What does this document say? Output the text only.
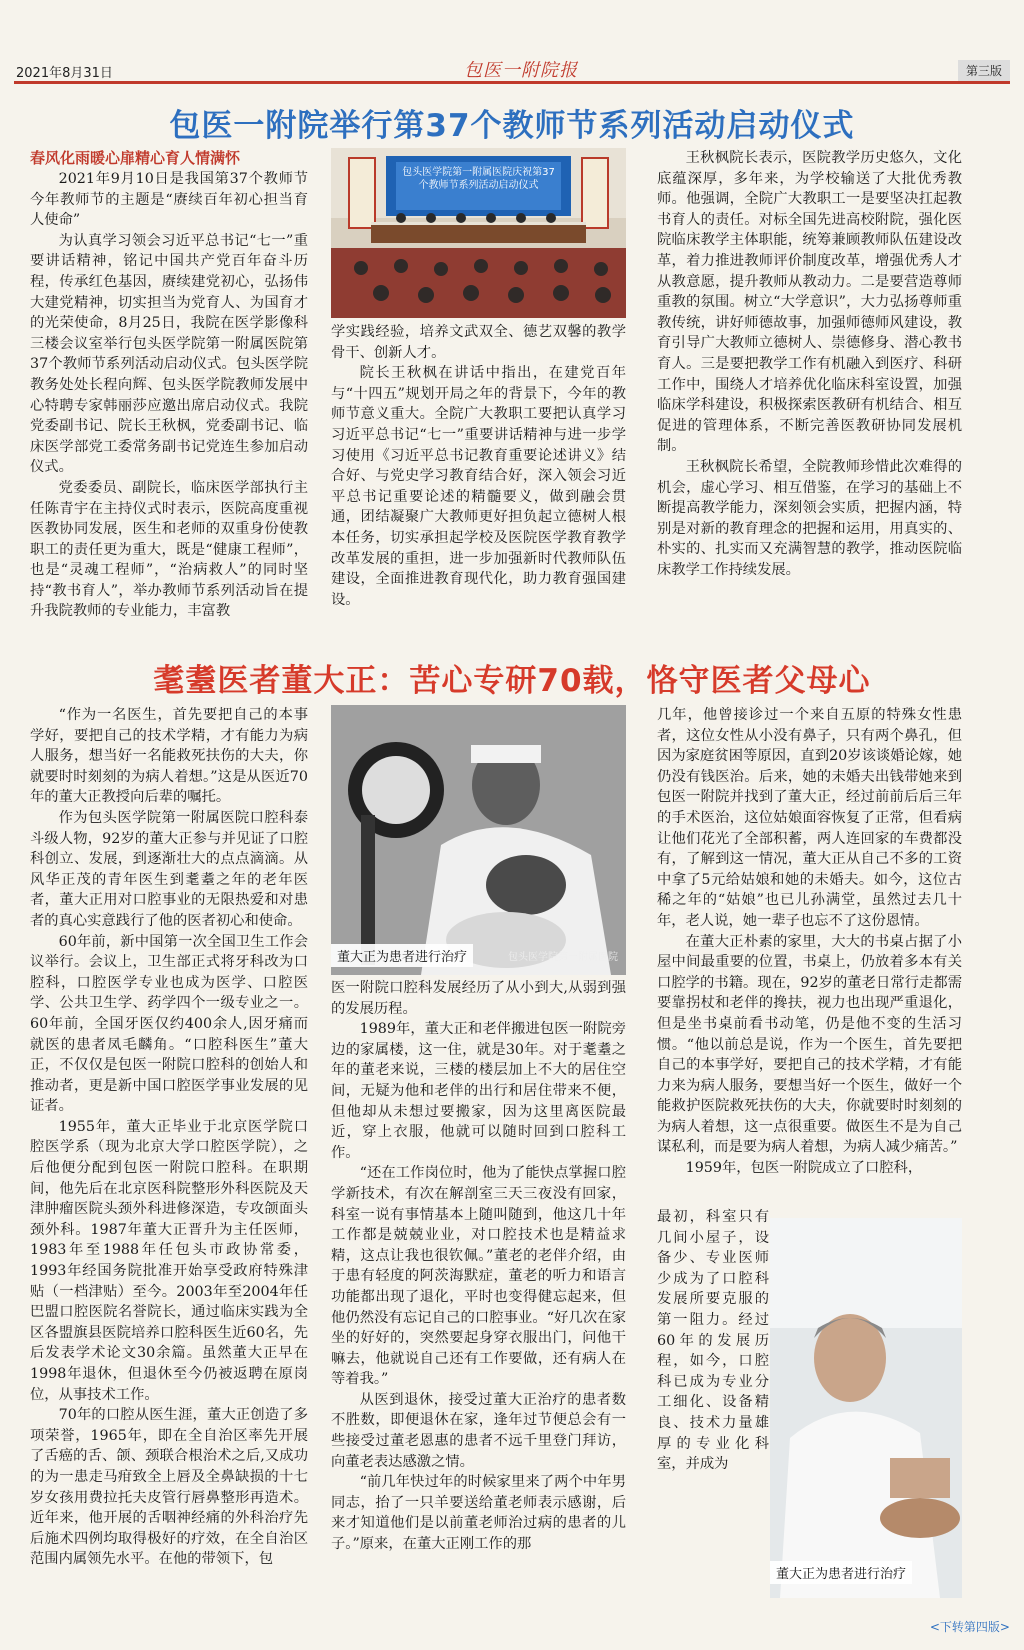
2021年8月31日	包医一附院报	第三版
包医一附院举行第37个教师节系列活动启动仪式

春风化雨暖心扉精心育人情满怀

2021年9月10日是我国第37个教师节今年教师节的主题是“赓续百年初心担当育人使命”

为认真学习领会习近平总书记“七一”重要讲话精神，铭记中国共产党百年奋斗历程，传承红色基因，赓续建党初心，弘扬伟大建党精神，切实担当为党育人、为国育才的光荣使命，8月25日，我院在医学影像科三楼会议室举行包头医学院第一附属医院第37个教师节系列活动启动仪式。包头医学院教务处处长程向辉、包头医学院教师发展中心特聘专家韩丽莎应邀出席启动仪式。我院党委副书记、院长王秋枫，党委副书记、临床医学部党工委常务副书记党连生参加启动仪式。

党委委员、副院长，临床医学部执行主任陈青宇在主持仪式时表示，医院高度重视医教协同发展，医生和老师的双重身份使教职工的责任更为重大，既是“健康工程师”，也是“灵魂工程师”，“治病救人”的同时坚持“教书育人”，举办教师节系列活动旨在提升我院教师的专业能力，丰富教

包头医学院第一附属医院庆祝第37个教师节系列活动启动仪式

学实践经验，培养文武双全、德艺双馨的教学骨干、创新人才。

院长王秋枫在讲话中指出，在建党百年与“十四五”规划开局之年的背景下，今年的教师节意义重大。全院广大教职工要把认真学习习近平总书记“七一”重要讲话精神与进一步学习使用《习近平总书记教育重要论述讲义》结合好、与党史学习教育结合好，深入领会习近平总书记重要论述的精髓要义，做到融会贯通，团结凝聚广大教师更好担负起立德树人根本任务，切实承担起学校及医院医学教育教学改革发展的重担，进一步加强新时代教师队伍建设，全面推进教育现代化，助力教育强国建设。

王秋枫院长表示，医院教学历史悠久，文化底蕴深厚，多年来，为学校输送了大批优秀教师。他强调，全院广大教职工一是要坚决扛起教书育人的责任。对标全国先进高校附院，强化医院临床教学主体职能，统筹兼顾教师队伍建设改革，着力推进教师评价制度改革，增强优秀人才从教意愿，提升教师从教动力。二是要营造尊师重教的氛围。树立“大学意识”，大力弘扬尊师重教传统，讲好师德故事，加强师德师风建设，教育引导广大教师立德树人、崇德修身、潜心教书育人。三是要把教学工作有机融入到医疗、科研工作中，围绕人才培养优化临床科室设置，加强临床学科建设，积极探索医教研有机结合、相互促进的管理体系，不断完善医教研协同发展机制。

王秋枫院长希望，全院教师珍惜此次难得的机会，虚心学习、相互借鉴，在学习的基础上不断提高教学能力，深刻领会实质，把握内涵，特别是对新的教育理念的把握和运用，用真实的、朴实的、扎实而又充满智慧的教学，推动医院临床教学工作持续发展。

耄耋医者董大正：苦心专研70载，恪守医者父母心

“作为一名医生，首先要把自己的本事学好，要把自己的技术学精，才有能力为病人服务，想当好一名能救死扶伤的大夫，你就要时时刻刻的为病人着想。”这是从医近70年的董大正教授向后辈的嘱托。

作为包头医学院第一附属医院口腔科泰斗级人物，92岁的董大正参与并见证了口腔科创立、发展，到逐渐壮大的点点滴滴。从风华正茂的青年医生到耄耋之年的老年医者，董大正用对口腔事业的无限热爱和对患者的真心实意践行了他的医者初心和使命。

60年前，新中国第一次全国卫生工作会议举行。会议上，卫生部正式将牙科改为口腔科，口腔医学专业也成为医学、口腔医学、公共卫生学、药学四个一级专业之一。60年前，全国牙医仅约400余人,因牙痛而就医的患者凤毛麟角。“口腔科医生”董大正，不仅仅是包医一附院口腔科的创始人和推动者，更是新中国口腔医学事业发展的见证者。

1955年，董大正毕业于北京医学院口腔医学系（现为北京大学口腔医学院），之后他便分配到包医一附院口腔科。在职期间，他先后在北京医科院整形外科医院及天津肿瘤医院头颈外科进修深造，专攻颌面头颈外科。1987年董大正晋升为主任医师，1983年至1988年任包头市政协常委，1993年经国务院批准开始享受政府特殊津贴（一档津贴）至今。2003年至2004年任巴盟口腔医院名誉院长，通过临床实践为全区各盟旗县医院培养口腔科医生近60名，先后发表学术论文30余篇。虽然董大正早在1998年退休，但退休至今仍被返聘在原岗位，从事技术工作。

70年的口腔从医生涯，董大正创造了多项荣誉，1965年，即在全自治区率先开展了舌癌的舌、颌、颈联合根治术之后,又成功的为一患走马疳致全上唇及全鼻缺损的十七岁女孩用费拉托夫皮管行唇鼻整形再造术。近年来，他开展的舌咽神经痛的外科治疗先后施术四例均取得极好的疗效，在全自治区范围内属领先水平。在他的带领下，包

董大正为患者进行治疗	包头医学院第一附属医院

医一附院口腔科发展经历了从小到大,从弱到强的发展历程。

1989年，董大正和老伴搬进包医一附院旁边的家属楼，这一住，就是30年。对于耄耋之年的董老来说，三楼的楼层加上不大的居住空间，无疑为他和老伴的出行和居住带来不便，但他却从未想过要搬家，因为这里离医院最近，穿上衣服，他就可以随时回到口腔科工作。

“还在工作岗位时，他为了能快点掌握口腔学新技术，有次在解剖室三天三夜没有回家，科室一说有事情基本上随叫随到，他这几十年工作都是兢兢业业，对口腔技术也是精益求精，这点让我也很钦佩。”董老的老伴介绍，由于患有轻度的阿茨海默症，董老的听力和语言功能都出现了退化，平时也变得健忘起来，但他仍然没有忘记自己的口腔事业。“好几次在家坐的好好的，突然要起身穿衣服出门，问他干嘛去，他就说自己还有工作要做，还有病人在等着我。”

从医到退休，接受过董大正治疗的患者数不胜数，即便退休在家，逢年过节便总会有一些接受过董老恩惠的患者不远千里登门拜访，向董老表达感激之情。

“前几年快过年的时候家里来了两个中年男同志，抬了一只羊要送给董老师表示感谢，后来才知道他们是以前董老师治过病的患者的儿子。”原来，在董大正刚工作的那

几年，他曾接诊过一个来自五原的特殊女性患者，这位女性从小没有鼻子，只有两个鼻孔，但因为家庭贫困等原因，直到20岁该谈婚论嫁，她仍没有钱医治。后来，她的未婚夫出钱带她来到包医一附院并找到了董大正，经过前前后后三年的手术医治，这位姑娘面容恢复了正常，但看病让他们花光了全部积蓄，两人连回家的车费都没有，了解到这一情况，董大正从自己不多的工资中拿了5元给姑娘和她的未婚夫。如今，这位古稀之年的“姑娘”也已儿孙满堂，虽然过去几十年，老人说，她一辈子也忘不了这份恩情。

在董大正朴素的家里，大大的书桌占据了小屋中间最重要的位置，书桌上，仍放着多本有关口腔学的书籍。现在，92岁的董老日常行走都需要靠拐杖和老伴的搀扶，视力也出现严重退化，但是坐书桌前看书动笔，仍是他不变的生活习惯。“他以前总是说，作为一个医生，首先要把自己的本事学好，要把自己的技术学精，才有能力来为病人服务，要想当好一个医生，做好一个能救护医院救死扶伤的大夫，你就要时时刻刻的为病人着想，这一点很重要。做医生不是为自己谋私利，而是要为病人着想，为病人减少痛苦。”

1959年，包医一附院成立了口腔科，

最初，科室只有几间小屋子，设备少、专业医师少成为了口腔科发展所要克服的第一阻力。经过60年的发展历程，如今，口腔科已成为专业分工细化、设备精良、技术力量雄厚的专业化科室，并成为

董大正为患者进行治疗
<下转第四版>
